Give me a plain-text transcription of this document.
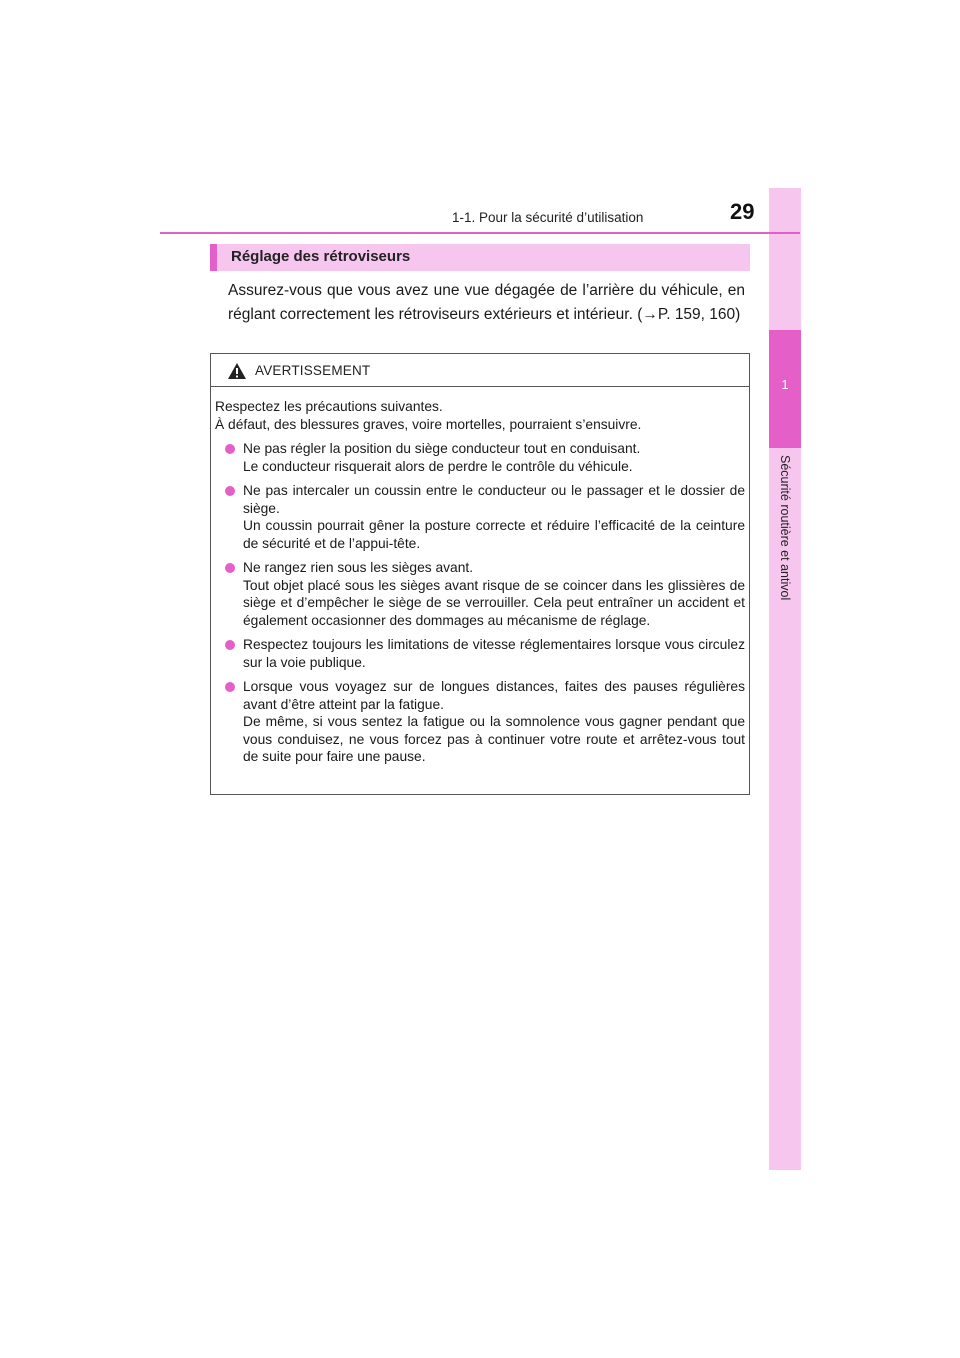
1
Sécurité routière et antivol
1-1. Pour la sécurité d’utilisation	29
Réglage des rétroviseurs
Assurez-vous que vous avez une vue dégagée de l’arrière du véhicule, en réglant correctement les rétroviseurs extérieurs et intérieur. (→P. 159, 160)
AVERTISSEMENT

Respectez les précautions suivantes.

À défaut, des blessures graves, voire mortelles, pourraient s’ensuivre.

Ne pas régler la position du siège conducteur tout en conduisant.

Le conducteur risquerait alors de perdre le contrôle du véhicule.

Ne pas intercaler un coussin entre le conducteur ou le passager et le dossier de siège.

Un coussin pourrait gêner la posture correcte et réduire l’efficacité de la ceinture de sécurité et de l’appui-tête.

Ne rangez rien sous les sièges avant.

Tout objet placé sous les sièges avant risque de se coincer dans les glissières de siège et d’empêcher le siège de se verrouiller. Cela peut entraîner un accident et également occasionner des dommages au mécanisme de réglage.

Respectez toujours les limitations de vitesse réglementaires lorsque vous circulez sur la voie publique.

Lorsque vous voyagez sur de longues distances, faites des pauses régulières avant d’être atteint par la fatigue.

De même, si vous sentez la fatigue ou la somnolence vous gagner pendant que vous conduisez, ne vous forcez pas à continuer votre route et arrêtez-vous tout de suite pour faire une pause.
